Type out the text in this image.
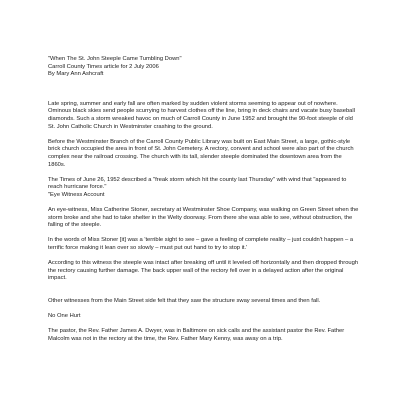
"When The St. John Steeple Came Tumbling Down"

Carroll County Times article for 2 July 2006

By Mary Ann Ashcraft

Late spring, summer and early fall are often marked by sudden violent storms seeming to appear out of nowhere. Ominous black skies send people scurrying to harvest clothes off the line, bring in deck chairs and vacate busy baseball diamonds. Such a storm wreaked havoc on much of Carroll County in June 1952 and brought the 90-foot steeple of old St. John Catholic Church in Westminster crashing to the ground.

Before the Westminster Branch of the Carroll County Public Library was built on East Main Street, a large, gothic-style brick church occupied the area in front of St. John Cemetery. A rectory, convent and school were also part of the church complex near the railroad crossing. The church with its tall, slender steeple dominated the downtown area from the 1860s.

The Times of June 26, 1952 described a "freak storm which hit the county last Thursday" with wind that "appeared to reach hurricane force."
"Eye Witness Account

An eye-witness, Miss Catherine Stoner, secretary at Westminster Shoe Company, was walking on Green Street when the storm broke and she had to take shelter in the Welty doorway. From there she was able to see, without obstruction, the falling of the steeple.

In the words of Miss Stoner [it] was a 'terrible sight to see – gave a feeling of complete reality – just couldn't happen – a terrific force making it lean over so slowly – must put out hand to try to stop it.'

According to this witness the steeple was intact after breaking off until it leveled off horizontally and then dropped through the rectory causing further damage. The back upper wall of the rectory fell over in a delayed action after the original impact.

Other witnesses from the Main Street side felt that they saw the structure sway several times and then fall.

No One Hurt

The pastor, the Rev. Father James A. Dwyer, was in Baltimore on sick calls and the assistant pastor the Rev. Father Malcolm was not in the rectory at the time, the Rev. Father Mary Kenny, was away on a trip.
